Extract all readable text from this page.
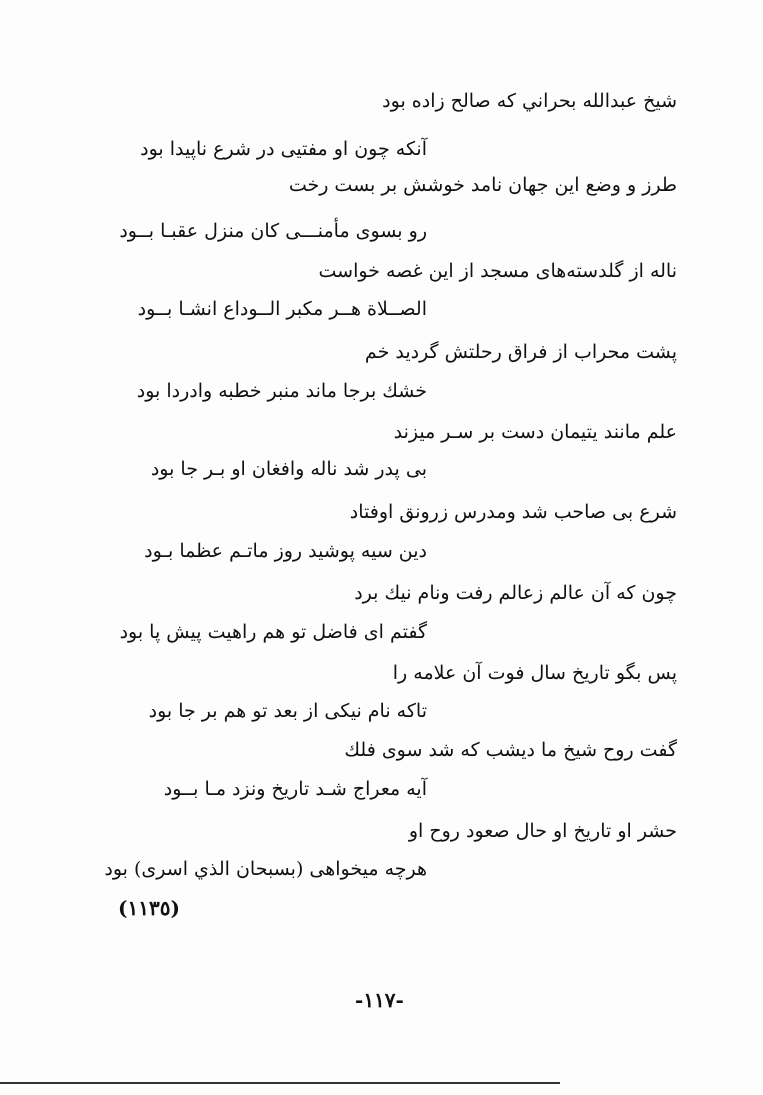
شيخ عبدالله بحراني كه صالح زاده بود
آنكه چون او مفتيى در شرع ناپيدا بود
طرز و وضع اين جهان نامد خوشش بر بست رخت
رو بسوى مأمنـــى كان منزل عقبـا بــود
ناله از گلدسته‌هاى مسجد از اين غصه خواست
الصــلاة هــر مكبر الــوداع انشـا بــود
پشت محراب از فراق رحلتش گرديد خم
خشك برجا ماند منبر خطبه وادردا بود
علم مانند يتيمان دست بر سـر ميزند
بى پدر شد ناله وافغان او بـر جا بود
شرع بى صاحب شد ومدرس زرونق اوفتاد
دين سيه پوشيد روز ماتـم عظما بـود
چون كه آن عالم زعالم رفت ونام نيك برد
گفتم اى فاضل تو هم راهيت پيش پا بود
پس بگو تاريخ سال فوت آن علامه را
تاكه نام نيكى از بعد تو هم بر جا بود
گفت روح شيخ ما ديشب كه شد سوى فلك
آيه معراج شـد تاريخ ونزد مـا بــود
حشر او تاريخ او حال صعود روح او
هرچه ميخواهى (بسبحان الذي اسرى) بود
(١١٣٥)
-١١٧-
